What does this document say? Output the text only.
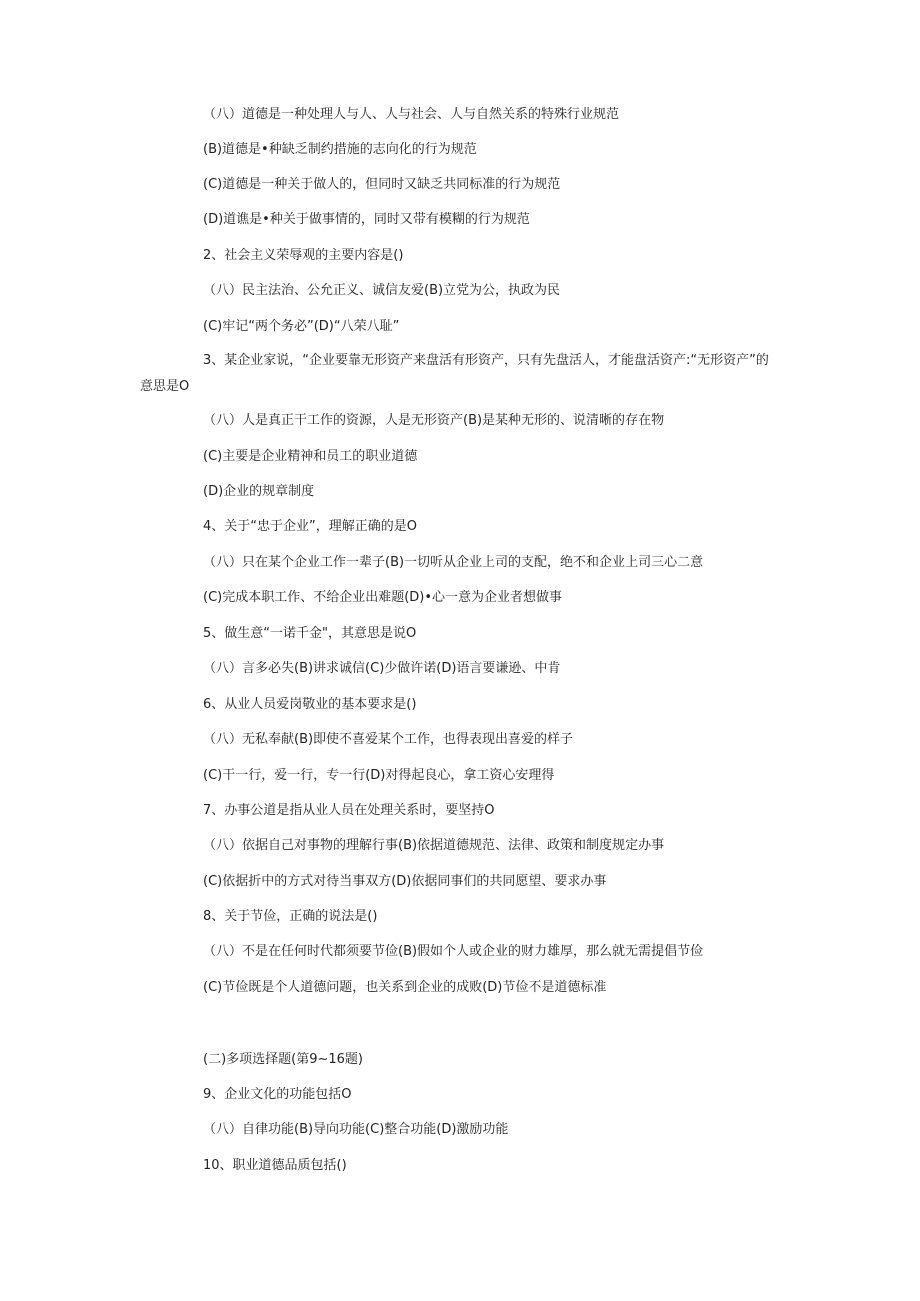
（八）道德是一种处理人与人、人与社会、人与自然关系的特殊行业规范
(B)道德是•种缺乏制约措施的志向化的行为规范
(C)道德是一种关于做人的，但同时又缺乏共同标准的行为规范
(D)道谯是•种关于做事情的，同时又带有模糊的行为规范
2、社会主义荣辱观的主要内容是()
（八）民主法治、公允正义、诚信友爱(B)立党为公，执政为民
(C)牢记“两个务必”(D)“八荣八耻”
3、某企业家说，“企业要靠无形资产来盘活有形资产，只有先盘活人，才能盘活资产:“无形资产”的意思是O
（八）人是真正干工作的资源，人是无形资产(B)是某种无形的、说清晰的存在物
(C)主要是企业精神和员工的职业道德
(D)企业的规章制度
4、关于“忠于企业”，理解正确的是O
（八）只在某个企业工作一辈子(B)一切听从企业上司的支配，绝不和企业上司三心二意
(C)完成本职工作、不给企业出难题(D)•心一意为企业者想做事
5、做生意“一诺千金"，其意思是说O
（八）言多必失(B)讲求诚信(C)少做许诺(D)语言要谦逊、中肯
6、从业人员爱岗敬业的基本要求是()
（八）无私奉献(B)即使不喜爱某个工作，也得表现出喜爱的样子
(C)干一行，爱一行，专一行(D)对得起良心，拿工资心安理得
7、办事公道是指从业人员在处理关系时，要坚持O
（八）依据自己对事物的理解行事(B)依据道德规范、法律、政策和制度规定办事
(C)依据折中的方式对待当事双方(D)依据同事们的共同愿望、要求办事
8、关于节俭，正确的说法是()
（八）不是在任何时代都须要节俭(B)假如个人或企业的财力雄厚，那么就无需提倡节俭
(C)节俭既是个人道德问题，也关系到企业的成败(D)节俭不是道德标准
(二)多项选择题(第9~16题)
9、企业文化的功能包括O
（八）自律功能(B)导向功能(C)整合功能(D)激励功能
10、职业道德品质包括()
